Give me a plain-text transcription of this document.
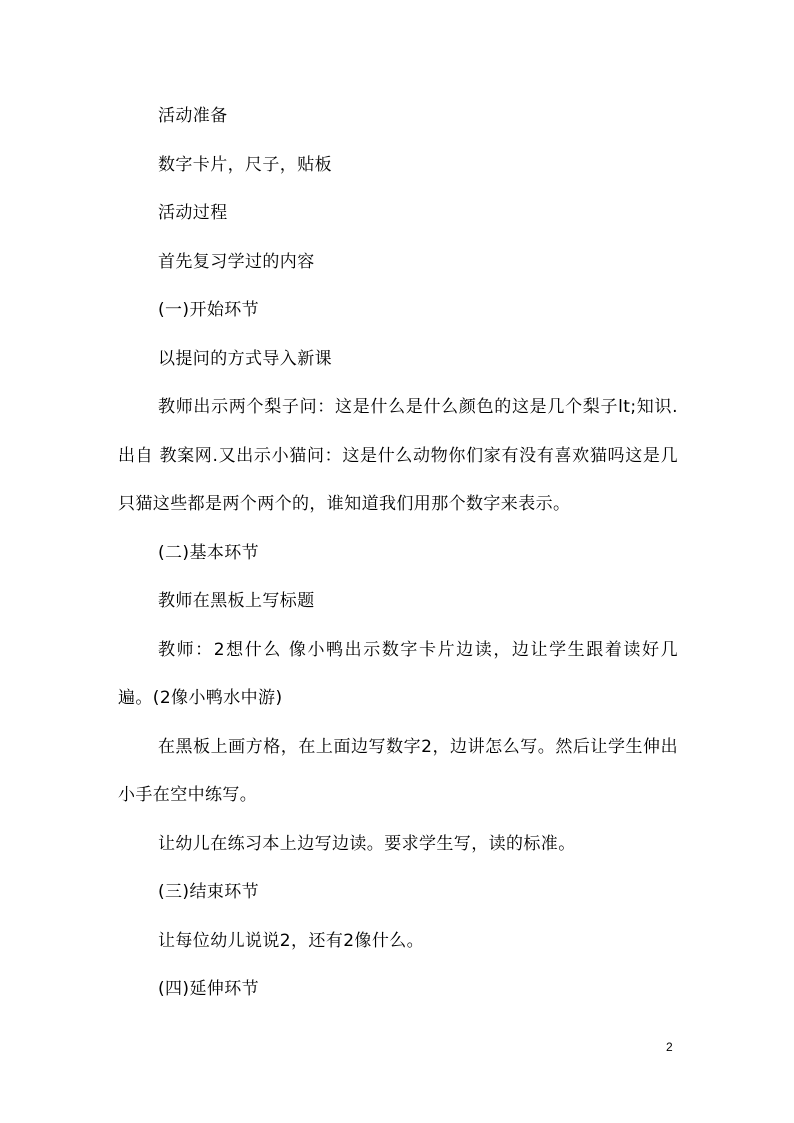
活动准备

数字卡片，尺子，贴板

活动过程

首先复习学过的内容

(一)开始环节

以提问的方式导入新课

教师出示两个梨子问：这是什么是什么颜色的这是几个梨子lt;知识.出自 教案网.又出示小猫问：这是什么动物你们家有没有喜欢猫吗这是几只猫这些都是两个两个的，谁知道我们用那个数字来表示。

(二)基本环节

教师在黑板上写标题

教师：2想什么 像小鸭出示数字卡片边读，边让学生跟着读好几遍。(2像小鸭水中游)

在黑板上画方格，在上面边写数字2，边讲怎么写。然后让学生伸出小手在空中练写。

让幼儿在练习本上边写边读。要求学生写，读的标准。

(三)结束环节

让每位幼儿说说2，还有2像什么。

(四)延伸环节

2
